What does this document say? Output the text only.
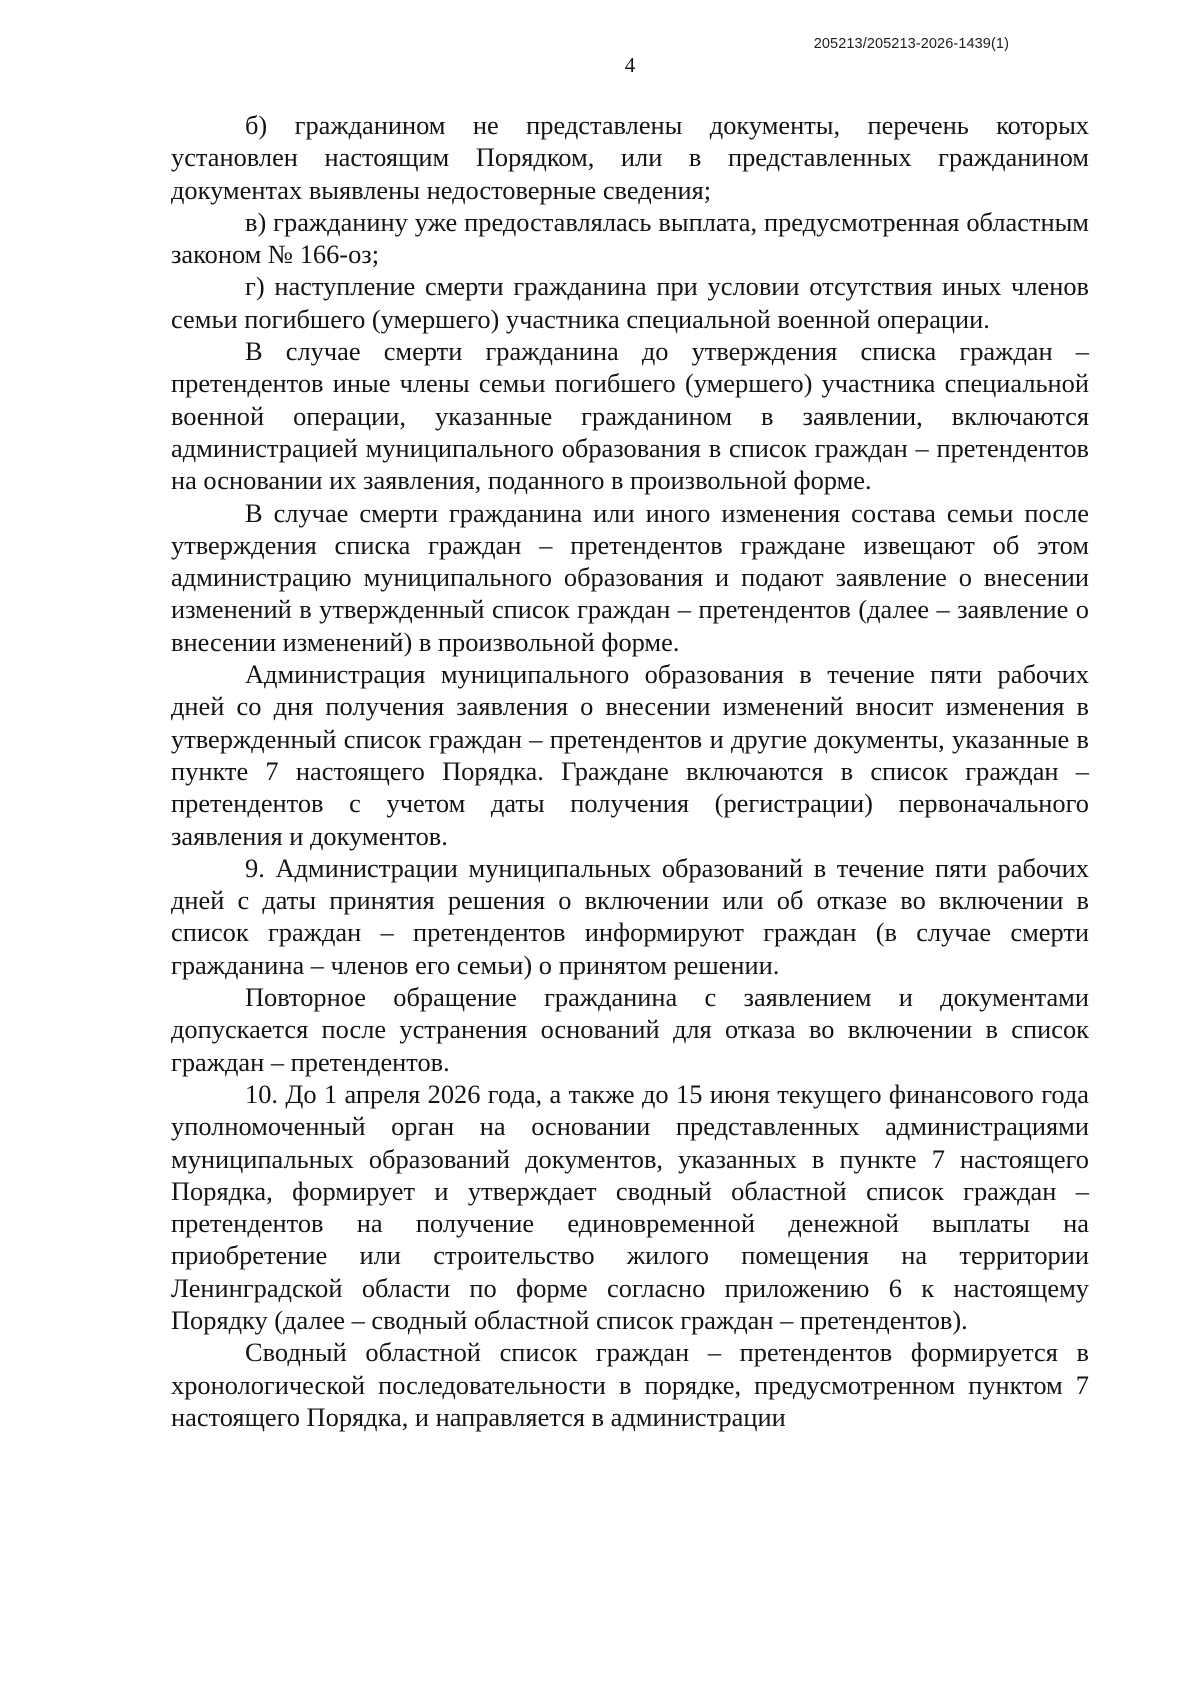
205213/205213-2026-1439(1)
4

б) гражданином не представлены документы, перечень которых установлен настоящим Порядком, или в представленных гражданином документах выявлены недостоверные сведения;

в) гражданину уже предоставлялась выплата, предусмотренная областным законом № 166-оз;

г) наступление смерти гражданина при условии отсутствия иных членов семьи погибшего (умершего) участника специальной военной операции.

В случае смерти гражданина до утверждения списка граждан – претендентов иные члены семьи погибшего (умершего) участника специальной военной операции, указанные гражданином в заявлении, включаются администрацией муниципального образования в список граждан – претендентов на основании их заявления, поданного в произвольной форме.

В случае смерти гражданина или иного изменения состава семьи после утверждения списка граждан – претендентов граждане извещают об этом администрацию муниципального образования и подают заявление о внесении изменений в утвержденный список граждан – претендентов (далее – заявление о внесении изменений) в произвольной форме.

Администрация муниципального образования в течение пяти рабочих дней со дня получения заявления о внесении изменений вносит изменения в утвержденный список граждан – претендентов и другие документы, указанные в пункте 7 настоящего Порядка. Граждане включаются в список граждан – претендентов с учетом даты получения (регистрации) первоначального заявления и документов.

9. Администрации муниципальных образований в течение пяти рабочих дней с даты принятия решения о включении или об отказе во включении в список граждан – претендентов информируют граждан (в случае смерти гражданина – членов его семьи) о принятом решении.

Повторное обращение гражданина с заявлением и документами допускается после устранения оснований для отказа во включении в список граждан – претендентов.

10. До 1 апреля 2026 года, а также до 15 июня текущего финансового года уполномоченный орган на основании представленных администрациями муниципальных образований документов, указанных в пункте 7 настоящего Порядка, формирует и утверждает сводный областной список граждан – претендентов на получение единовременной денежной выплаты на приобретение или строительство жилого помещения на территории Ленинградской области по форме согласно приложению 6 к настоящему Порядку (далее – сводный областной список граждан – претендентов).

Сводный областной список граждан – претендентов формируется в хронологической последовательности в порядке, предусмотренном пунктом 7 настоящего Порядка, и направляется в администрации
